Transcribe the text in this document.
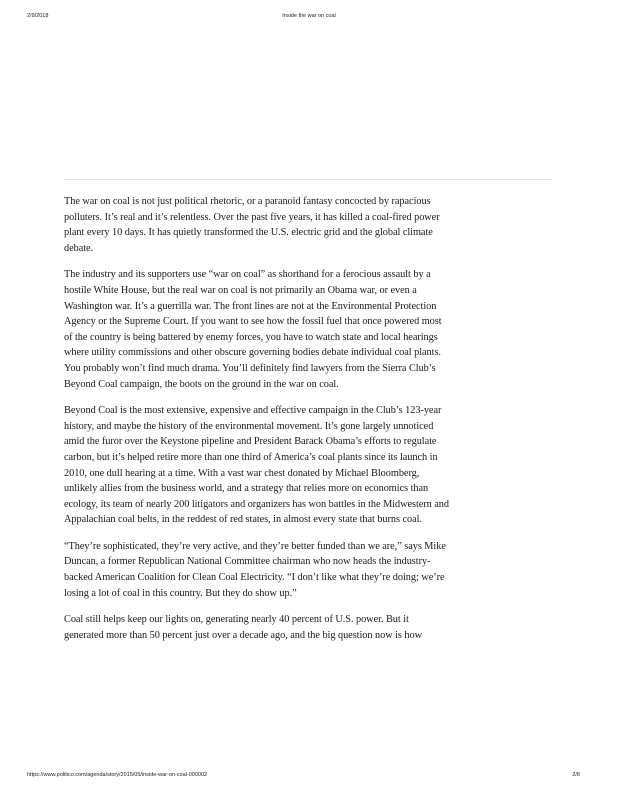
2/9/2018	Inside the war on coal

The war on coal is not just political rhetoric, or a paranoid fantasy concocted by rapacious polluters. It’s real and it’s relentless. Over the past five years, it has killed a coal-fired power plant every 10 days. It has quietly transformed the U.S. electric grid and the global climate debate.

The industry and its supporters use “war on coal” as shorthand for a ferocious assault by a hostile White House, but the real war on coal is not primarily an Obama war, or even a Washington war. It’s a guerrilla war. The front lines are not at the Environmental Protection Agency or the Supreme Court. If you want to see how the fossil fuel that once powered most of the country is being battered by enemy forces, you have to watch state and local hearings where utility commissions and other obscure governing bodies debate individual coal plants. You probably won’t find much drama. You’ll definitely find lawyers from the Sierra Club’s Beyond Coal campaign, the boots on the ground in the war on coal.

Beyond Coal is the most extensive, expensive and effective campaign in the Club’s 123-year history, and maybe the history of the environmental movement. It’s gone largely unnoticed amid the furor over the Keystone pipeline and President Barack Obama’s efforts to regulate carbon, but it’s helped retire more than one third of America’s coal plants since its launch in 2010, one dull hearing at a time. With a vast war chest donated by Michael Bloomberg, unlikely allies from the business world, and a strategy that relies more on economics than ecology, its team of nearly 200 litigators and organizers has won battles in the Midwestern and Appalachian coal belts, in the reddest of red states, in almost every state that burns coal.

“They’re sophisticated, they’re very active, and they’re better funded than we are,” says Mike Duncan, a former Republican National Committee chairman who now heads the industry-backed American Coalition for Clean Coal Electricity. “I don’t like what they’re doing; we’re losing a lot of coal in this country. But they do show up.”

Coal still helps keep our lights on, generating nearly 40 percent of U.S. power. But it generated more than 50 percent just over a decade ago, and the big question now is how

https://www.politico.com/agenda/story/2015/05/inside-war-on-coal-000002	2/8
